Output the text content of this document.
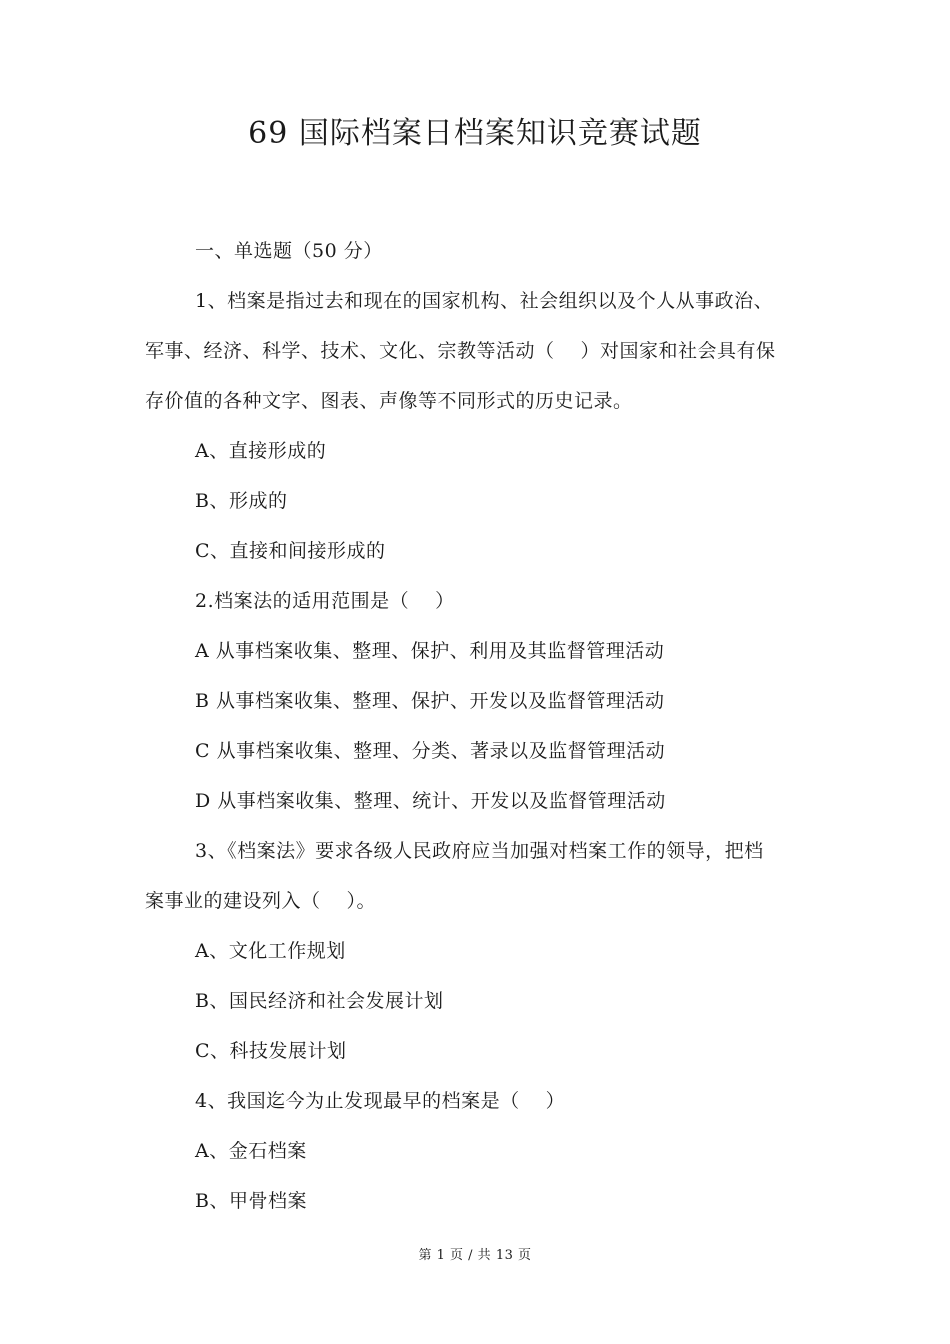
69 国际档案日档案知识竞赛试题
一、单选题（50 分）
1、档案是指过去和现在的国家机构、社会组织以及个人从事政治、
军事、经济、科学、技术、文化、宗教等活动（　 ）对国家和社会具有保
存价值的各种文字、图表、声像等不同形式的历史记录。
A、直接形成的
B、形成的
C、直接和间接形成的
2.档案法的适用范围是（　 ）
A 从事档案收集、整理、保护、利用及其监督管理活动
B 从事档案收集、整理、保护、开发以及监督管理活动
C 从事档案收集、整理、分类、著录以及监督管理活动
D 从事档案收集、整理、统计、开发以及监督管理活动
3、《档案法》要求各级人民政府应当加强对档案工作的领导，把档
案事业的建设列入（　 ）。
A、文化工作规划
B、国民经济和社会发展计划
C、科技发展计划
4、我国迄今为止发现最早的档案是（　 ）
A、金石档案
B、甲骨档案
第 1 页 / 共 13 页
